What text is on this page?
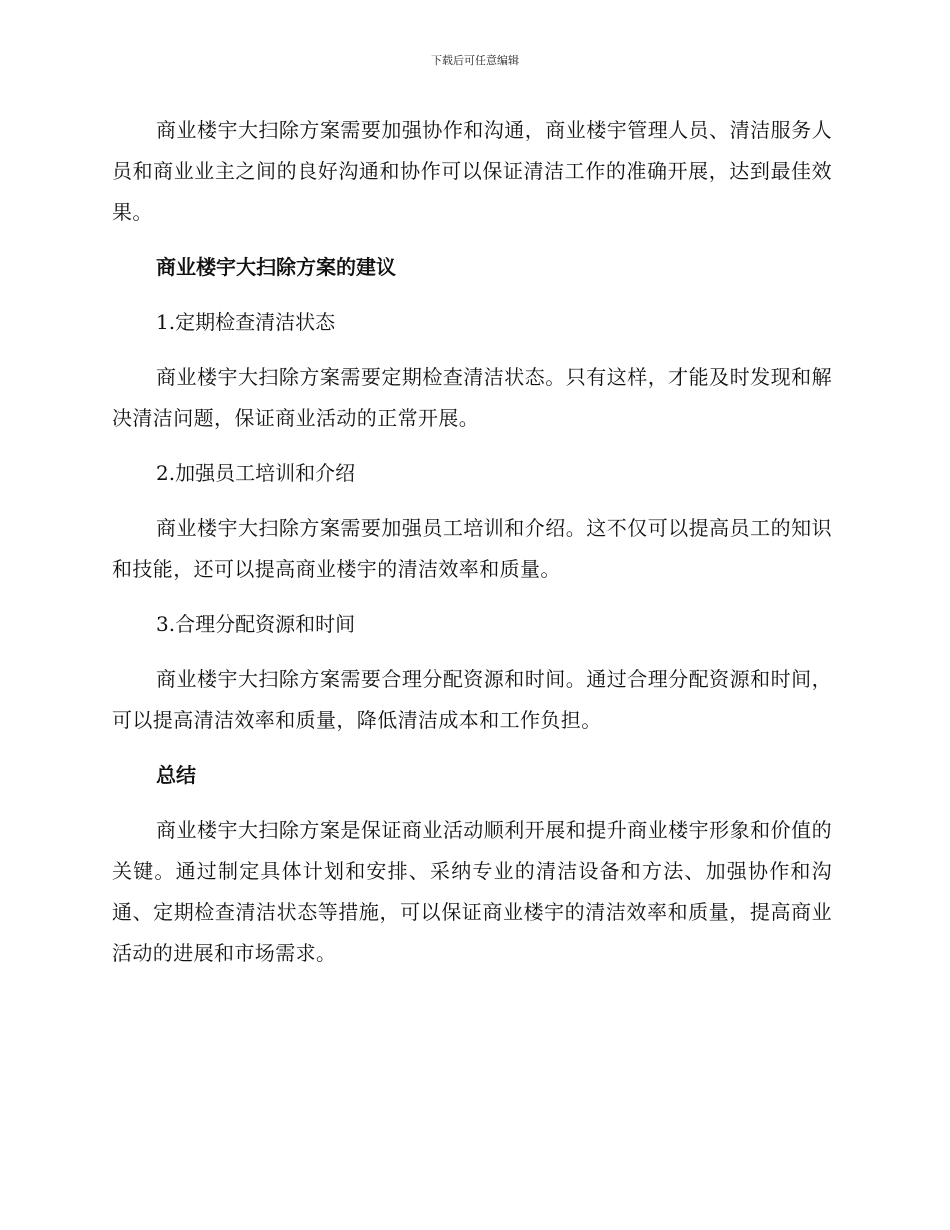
下载后可任意编辑

商业楼宇大扫除方案需要加强协作和沟通，商业楼宇管理人员、清洁服务人员和商业业主之间的良好沟通和协作可以保证清洁工作的准确开展，达到最佳效果。

商业楼宇大扫除方案的建议

1.定期检查清洁状态

商业楼宇大扫除方案需要定期检查清洁状态。只有这样，才能及时发现和解决清洁问题，保证商业活动的正常开展。

2.加强员工培训和介绍

商业楼宇大扫除方案需要加强员工培训和介绍。这不仅可以提高员工的知识和技能，还可以提高商业楼宇的清洁效率和质量。

3.合理分配资源和时间

商业楼宇大扫除方案需要合理分配资源和时间。通过合理分配资源和时间，可以提高清洁效率和质量，降低清洁成本和工作负担。

总结

商业楼宇大扫除方案是保证商业活动顺利开展和提升商业楼宇形象和价值的关键。通过制定具体计划和安排、采纳专业的清洁设备和方法、加强协作和沟通、定期检查清洁状态等措施，可以保证商业楼宇的清洁效率和质量，提高商业活动的进展和市场需求。
